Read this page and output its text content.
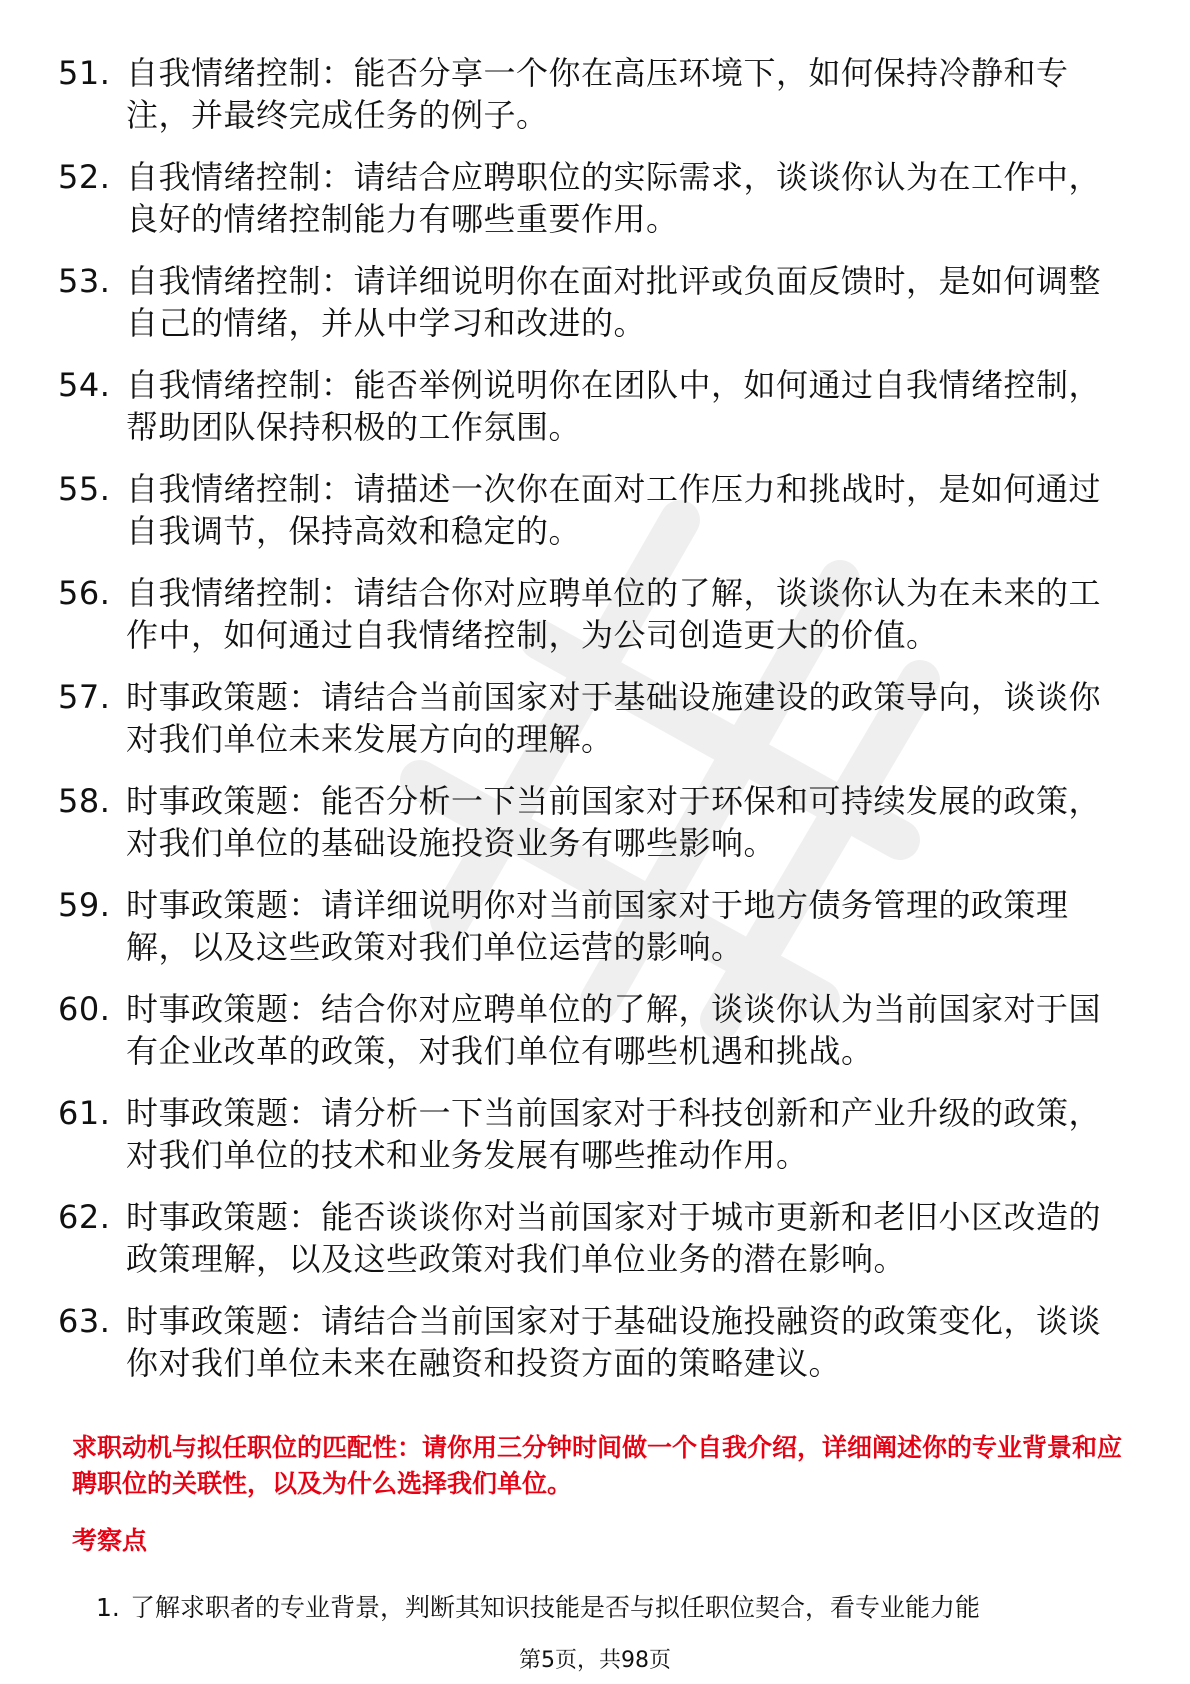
51. 自我情绪控制：能否分享一个你在高压环境下，如何保持冷静和专注，并最终完成任务的例子。
52. 自我情绪控制：请结合应聘职位的实际需求，谈谈你认为在工作中，良好的情绪控制能力有哪些重要作用。
53. 自我情绪控制：请详细说明你在面对批评或负面反馈时，是如何调整自己的情绪，并从中学习和改进的。
54. 自我情绪控制：能否举例说明你在团队中，如何通过自我情绪控制，帮助团队保持积极的工作氛围。
55. 自我情绪控制：请描述一次你在面对工作压力和挑战时，是如何通过自我调节，保持高效和稳定的。
56. 自我情绪控制：请结合你对应聘单位的了解，谈谈你认为在未来的工作中，如何通过自我情绪控制，为公司创造更大的价值。
57. 时事政策题：请结合当前国家对于基础设施建设的政策导向，谈谈你对我们单位未来发展方向的理解。
58. 时事政策题：能否分析一下当前国家对于环保和可持续发展的政策，对我们单位的基础设施投资业务有哪些影响。
59. 时事政策题：请详细说明你对当前国家对于地方债务管理的政策理解，以及这些政策对我们单位运营的影响。
60. 时事政策题：结合你对应聘单位的了解，谈谈你认为当前国家对于国有企业改革的政策，对我们单位有哪些机遇和挑战。
61. 时事政策题：请分析一下当前国家对于科技创新和产业升级的政策，对我们单位的技术和业务发展有哪些推动作用。
62. 时事政策题：能否谈谈你对当前国家对于城市更新和老旧小区改造的政策理解，以及这些政策对我们单位业务的潜在影响。
63. 时事政策题：请结合当前国家对于基础设施投融资的政策变化，谈谈你对我们单位未来在融资和投资方面的策略建议。
求职动机与拟任职位的匹配性：请你用三分钟时间做一个自我介绍，详细阐述你的专业背景和应聘职位的关联性，以及为什么选择我们单位。
考察点
1. 了解求职者的专业背景，判断其知识技能是否与拟任职位契合，看专业能力能
第5页，共98页
